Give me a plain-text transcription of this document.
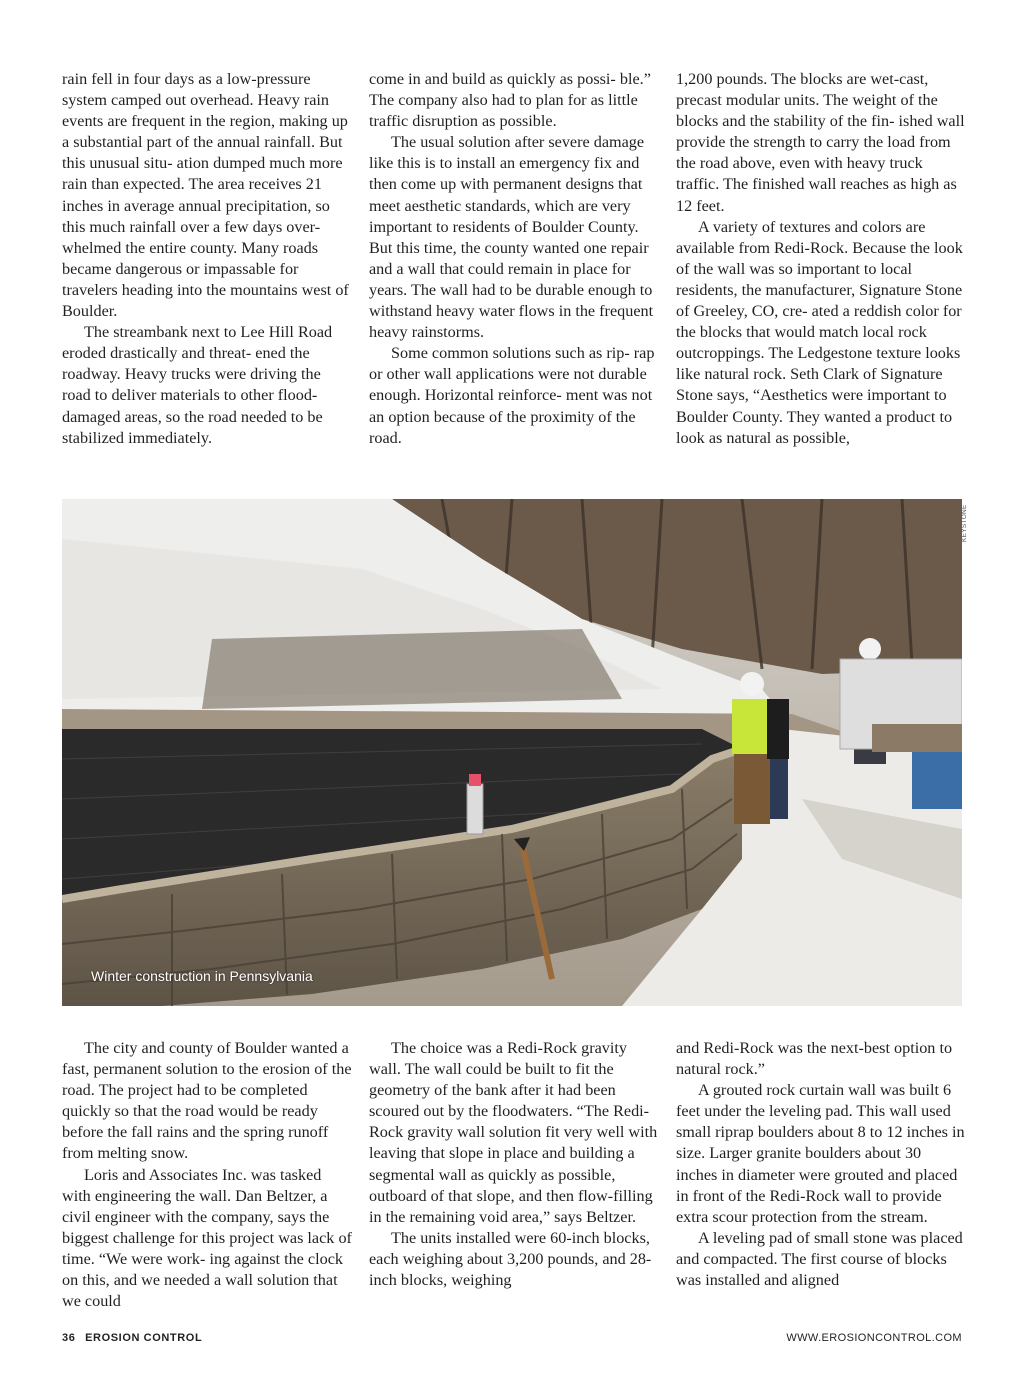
rain fell in four days as a low-pressure system camped out overhead. Heavy rain events are frequent in the region, making up a substantial part of the annual rainfall. But this unusual situ- ation dumped much more rain than expected. The area receives 21 inches in average annual precipitation, so this much rainfall over a few days over- whelmed the entire county. Many roads became dangerous or impassable for travelers heading into the mountains west of Boulder.

The streambank next to Lee Hill Road eroded drastically and threat- ened the roadway. Heavy trucks were driving the road to deliver materials to other flood-damaged areas, so the road needed to be stabilized immediately.

come in and build as quickly as possi- ble.” The company also had to plan for as little traffic disruption as possible.

The usual solution after severe damage like this is to install an emergency fix and then come up with permanent designs that meet aesthetic standards, which are very important to residents of Boulder County. But this time, the county wanted one repair and a wall that could remain in place for years. The wall had to be durable enough to withstand heavy water flows in the frequent heavy rainstorms.

Some common solutions such as rip- rap or other wall applications were not durable enough. Horizontal reinforce- ment was not an option because of the proximity of the road.

1,200 pounds. The blocks are wet-cast, precast modular units. The weight of the blocks and the stability of the fin- ished wall provide the strength to carry the load from the road above, even with heavy truck traffic. The finished wall reaches as high as 12 feet.

A variety of textures and colors are available from Redi-Rock. Because the look of the wall was so important to local residents, the manufacturer, Signature Stone of Greeley, CO, cre- ated a reddish color for the blocks that would match local rock outcroppings. The Ledgestone texture looks like natural rock. Seth Clark of Signature Stone says, “Aesthetics were important to Boulder County. They wanted a product to look as natural as possible,

Winter construction in Pennsylvania
KEYSTONE

The city and county of Boulder wanted a fast, permanent solution to the erosion of the road. The project had to be completed quickly so that the road would be ready before the fall rains and the spring runoff from melting snow.

Loris and Associates Inc. was tasked with engineering the wall. Dan Beltzer, a civil engineer with the company, says the biggest challenge for this project was lack of time. “We were work- ing against the clock on this, and we needed a wall solution that we could

The choice was a Redi-Rock gravity wall. The wall could be built to fit the geometry of the bank after it had been scoured out by the floodwaters. “The Redi-Rock gravity wall solution fit very well with leaving that slope in place and building a segmental wall as quickly as possible, outboard of that slope, and then flow-filling in the remaining void area,” says Beltzer.

The units installed were 60-inch blocks, each weighing about 3,200 pounds, and 28-inch blocks, weighing

and Redi-Rock was the next-best option to natural rock.”

A grouted rock curtain wall was built 6 feet under the leveling pad. This wall used small riprap boulders about 8 to 12 inches in size. Larger granite boulders about 30 inches in diameter were grouted and placed in front of the Redi-Rock wall to provide extra scour protection from the stream.

A leveling pad of small stone was placed and compacted. The first course of blocks was installed and aligned

36 EROSION CONTROL	WWW.EROSIONCONTROL.COM
